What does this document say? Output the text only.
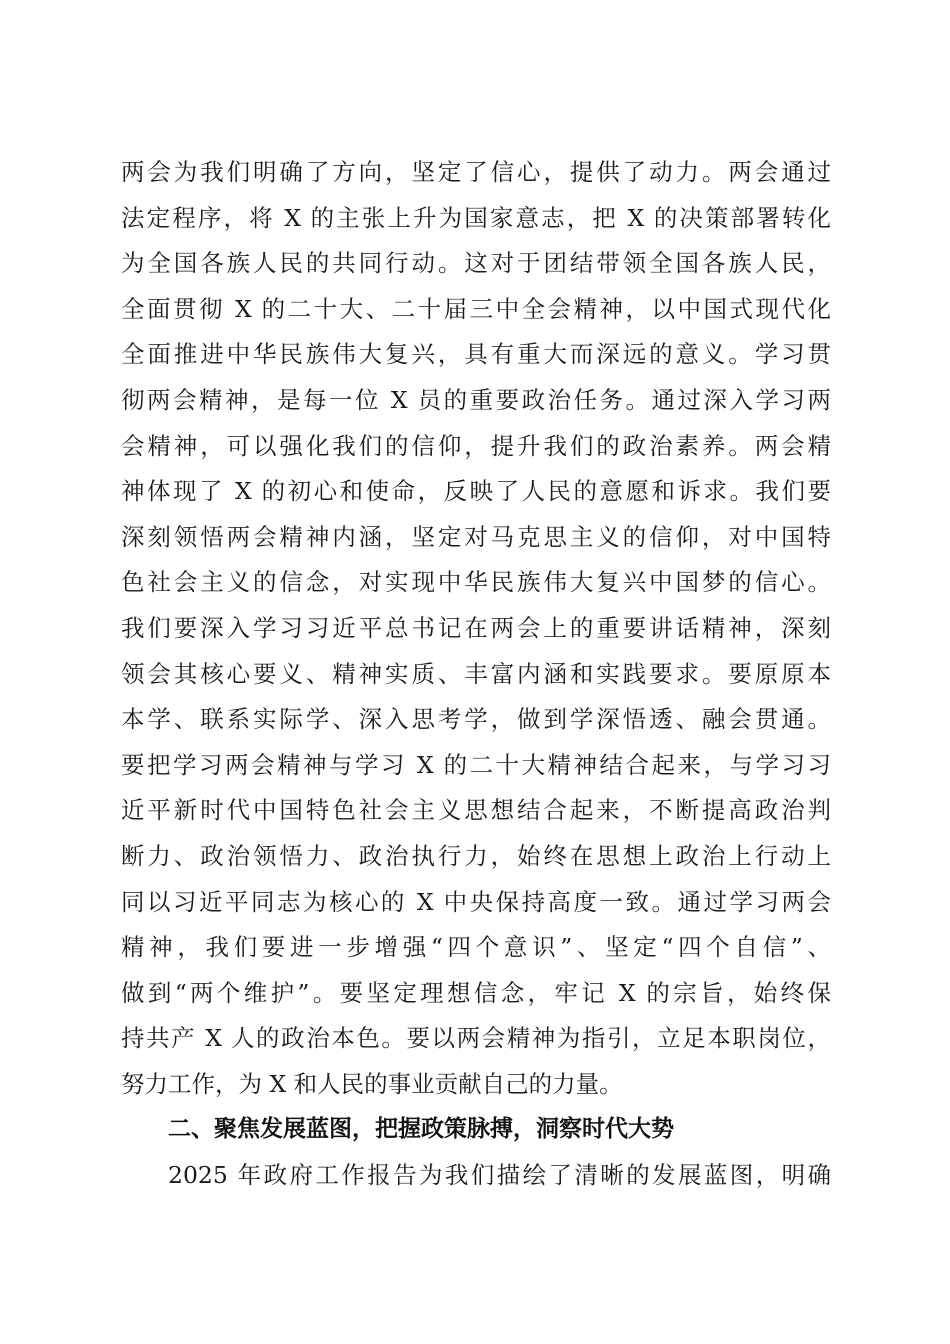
两会为我们明确了方向，坚定了信心，提供了动力。两会通过
法定程序，将 X 的主张上升为国家意志，把 X 的决策部署转化
为全国各族人民的共同行动。这对于团结带领全国各族人民，
全面贯彻 X 的二十大、二十届三中全会精神，以中国式现代化
全面推进中华民族伟大复兴，具有重大而深远的意义。学习贯
彻两会精神，是每一位 X 员的重要政治任务。通过深入学习两
会精神，可以强化我们的信仰，提升我们的政治素养。两会精
神体现了 X 的初心和使命，反映了人民的意愿和诉求。我们要
深刻领悟两会精神内涵，坚定对马克思主义的信仰，对中国特
色社会主义的信念，对实现中华民族伟大复兴中国梦的信心。
我们要深入学习习近平总书记在两会上的重要讲话精神，深刻
领会其核心要义、精神实质、丰富内涵和实践要求。要原原本
本学、联系实际学、深入思考学，做到学深悟透、融会贯通。
要把学习两会精神与学习 X 的二十大精神结合起来，与学习习
近平新时代中国特色社会主义思想结合起来，不断提高政治判
断力、政治领悟力、政治执行力，始终在思想上政治上行动上
同以习近平同志为核心的 X 中央保持高度一致。通过学习两会
精神，我们要进一步增强“四个意识”、坚定“四个自信”、
做到“两个维护”。要坚定理想信念，牢记 X 的宗旨，始终保
持共产 X 人的政治本色。要以两会精神为指引，立足本职岗位，
努力工作，为 X 和人民的事业贡献自己的力量。
二、聚焦发展蓝图，把握政策脉搏，洞察时代大势
2025 年政府工作报告为我们描绘了清晰的发展蓝图，明确
